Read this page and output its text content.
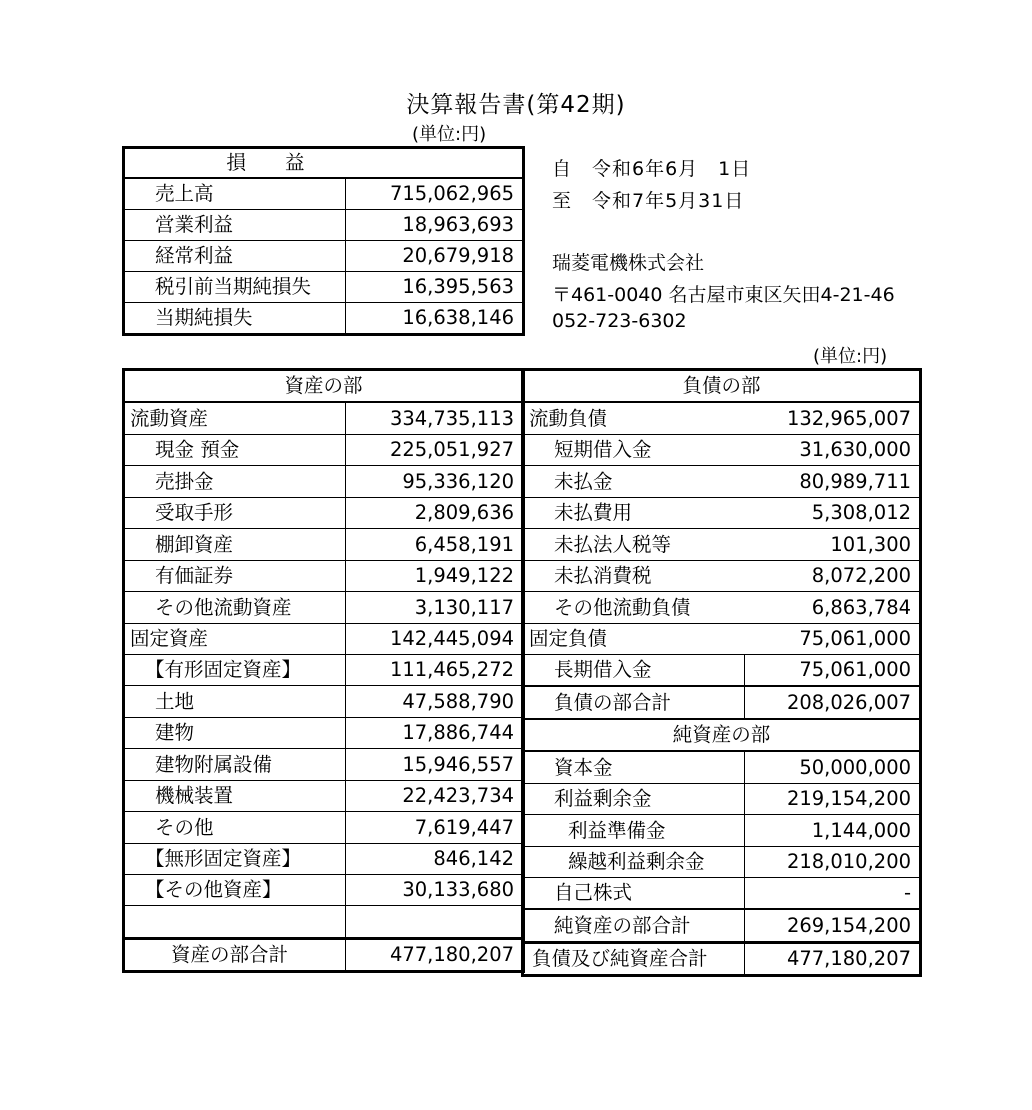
決算報告書(第42期)
(単位:円)
損　　益	
売上高	715,062,965
営業利益	18,963,693
経常利益	20,679,918
税引前当期純損失	16,395,563
当期純損失	16,638,146
自　令和6年6月　1日
至　令和7年5月31日
瑞菱電機株式会社
〒461-0040 名古屋市東区矢田4-21-46
052-723-6302
(単位:円)
資産の部	
流動資産	334,735,113
現金 預金	225,051,927
売掛金	95,336,120
受取手形	2,809,636
棚卸資産	6,458,191
有価証券	1,949,122
その他流動資産	3,130,117
固定資産	142,445,094
【有形固定資産】	111,465,272
土地	47,588,790
建物	17,886,744
建物附属設備	15,946,557
機械装置	22,423,734
その他	7,619,447
【無形固定資産】	846,142
【その他資産】	30,133,680

資産の部合計	477,180,207
負債の部	

流動負債 132,965,007	

短期借入金 31,630,000	

未払金 80,989,711	

未払費用 5,308,012	

未払法人税等 101,300	

未払消費税 8,072,200	

その他流動負債 6,863,784	

固定負債 75,061,000	

長期借入金	75,061,000
負債の部合計	208,026,007
純資産の部	
資本金	50,000,000
利益剰余金	219,154,200
利益準備金	1,144,000
繰越利益剰余金	218,010,200
自己株式	-
純資産の部合計	269,154,200
負債及び純資産合計	477,180,207
